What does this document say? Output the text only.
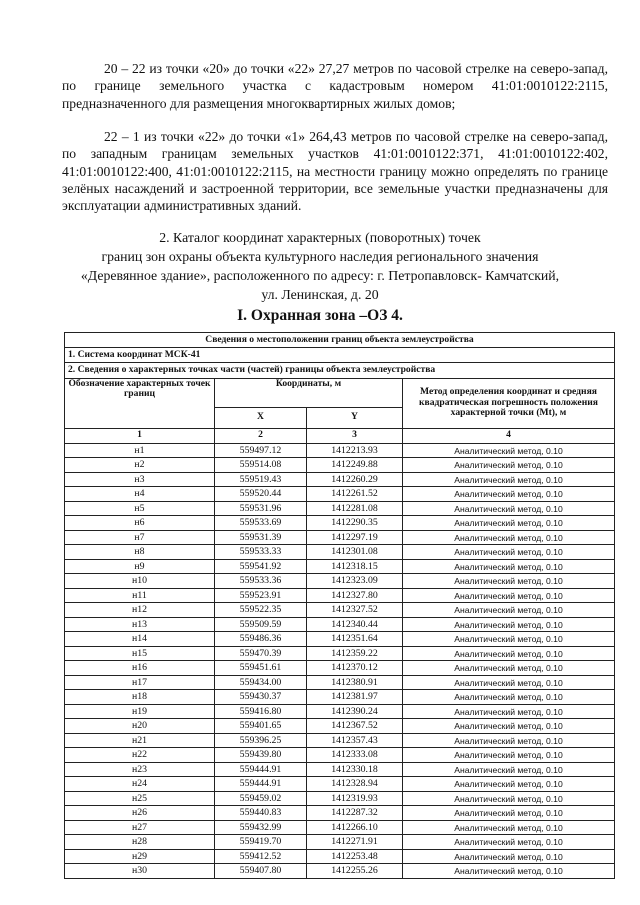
20 – 22 из точки «20» до точки «22» 27,27 метров по часовой стрелке на северо-запад, по границе земельного участка с кадастровым номером 41:01:0010122:2115, предназначенного для размещения многоквартирных жилых домов;
22 – 1 из точки «22» до точки «1» 264,43 метров по часовой стрелке на северо-запад, по западным границам земельных участков 41:01:0010122:371, 41:01:0010122:402, 41:01:0010122:400, 41:01:0010122:2115, на местности границу можно определять по границе зелёных насаждений и застроенной территории, все земельные участки предназначены для эксплуатации административных зданий.
2. Каталог координат характерных (поворотных) точек
границ зон охраны объекта культурного наследия регионального значения
«Деревянное здание», расположенного по адресу: г. Петропавловск- Камчатский,
ул. Ленинская, д. 20
I. Охранная зона –ОЗ 4.
Сведения о местоположении границ объекта землеустройства			
1. Система координат МСК-41			
2. Сведения о характерных точках части (частей) границы объекта землеустройства			
Обозначение характерных точек границ	Координаты, м		Метод определения координат и средняя квадратическая погрешность положения характерной точки (Mt), м
	X	Y	
1	2	3	4
н1	559497.12	1412213.93	Аналитический метод, 0.10
н2	559514.08	1412249.88	Аналитический метод, 0.10
н3	559519.43	1412260.29	Аналитический метод, 0.10
н4	559520.44	1412261.52	Аналитический метод, 0.10
н5	559531.96	1412281.08	Аналитический метод, 0.10
н6	559533.69	1412290.35	Аналитический метод, 0.10
н7	559531.39	1412297.19	Аналитический метод, 0.10
н8	559533.33	1412301.08	Аналитический метод, 0.10
н9	559541.92	1412318.15	Аналитический метод, 0.10
н10	559533.36	1412323.09	Аналитический метод, 0.10
н11	559523.91	1412327.80	Аналитический метод, 0.10
н12	559522.35	1412327.52	Аналитический метод, 0.10
н13	559509.59	1412340.44	Аналитический метод, 0.10
н14	559486.36	1412351.64	Аналитический метод, 0.10
н15	559470.39	1412359.22	Аналитический метод, 0.10
н16	559451.61	1412370.12	Аналитический метод, 0.10
н17	559434.00	1412380.91	Аналитический метод, 0.10
н18	559430.37	1412381.97	Аналитический метод, 0.10
н19	559416.80	1412390.24	Аналитический метод, 0.10
н20	559401.65	1412367.52	Аналитический метод, 0.10
н21	559396.25	1412357.43	Аналитический метод, 0.10
н22	559439.80	1412333.08	Аналитический метод, 0.10
н23	559444.91	1412330.18	Аналитический метод, 0.10
н24	559444.91	1412328.94	Аналитический метод, 0.10
н25	559459.02	1412319.93	Аналитический метод, 0.10
н26	559440.83	1412287.32	Аналитический метод, 0.10
н27	559432.99	1412266.10	Аналитический метод, 0.10
н28	559419.70	1412271.91	Аналитический метод, 0.10
н29	559412.52	1412253.48	Аналитический метод, 0.10
н30	559407.80	1412255.26	Аналитический метод, 0.10
